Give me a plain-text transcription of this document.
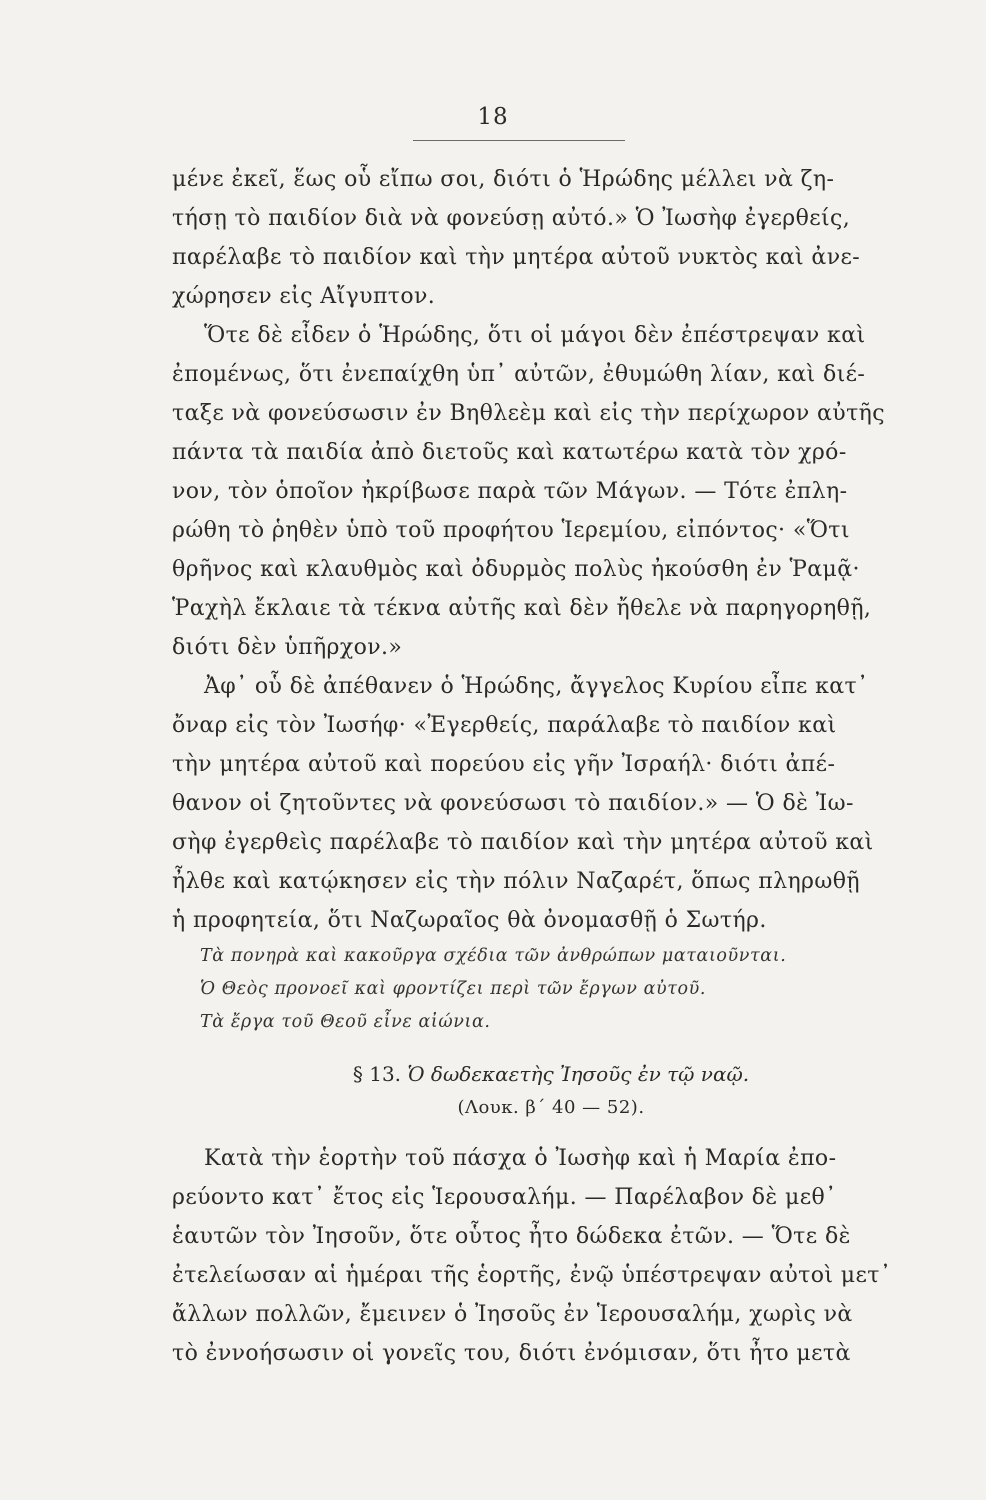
18
μένε ἐκεῖ, ἕως οὗ εἴπω σοι, διότι ὁ Ἡρώδης μέλλει νὰ ζη-
τήσῃ τὸ παιδίον διὰ νὰ φονεύσῃ αὐτό.» Ὁ Ἰωσὴφ ἐγερθείς,
παρέλαβε τὸ παιδίον καὶ τὴν μητέρα αὐτοῦ νυκτὸς καὶ ἀνε-
χώρησεν εἰς Αἴγυπτον.
Ὅτε δὲ εἶδεν ὁ Ἡρώδης, ὅτι οἱ μάγοι δὲν ἐπέστρεψαν καὶ
ἐπομένως, ὅτι ἐνεπαίχθη ὑπ᾽ αὐτῶν, ἐθυμώθη λίαν, καὶ διέ-
ταξε νὰ φονεύσωσιν ἐν Βηθλεὲμ καὶ εἰς τὴν περίχωρον αὐτῆς
πάντα τὰ παιδία ἀπὸ διετοῦς καὶ κατωτέρω κατὰ τὸν χρό-
νον, τὸν ὁποῖον ἠκρίβωσε παρὰ τῶν Μάγων. — Τότε ἐπλη-
ρώθη τὸ ῥηθὲν ὑπὸ τοῦ προφήτου Ἱερεμίου, εἰπόντος· «Ὅτι
θρῆνος καὶ κλαυθμὸς καὶ ὀδυρμὸς πολὺς ἠκούσθη ἐν Ῥαμᾷ·
Ῥαχὴλ ἔκλαιε τὰ τέκνα αὐτῆς καὶ δὲν ἤθελε νὰ παρηγορηθῇ,
διότι δὲν ὑπῆρχον.»
Ἀφ᾽ οὗ δὲ ἀπέθανεν ὁ Ἡρώδης, ἄγγελος Κυρίου εἶπε κατ᾽
ὄναρ εἰς τὸν Ἰωσήφ· «Ἐγερθείς, παράλαβε τὸ παιδίον καὶ
τὴν μητέρα αὐτοῦ καὶ πορεύου εἰς γῆν Ἰσραήλ· διότι ἀπέ-
θανον οἱ ζητοῦντες νὰ φονεύσωσι τὸ παιδίον.» — Ὁ δὲ Ἰω-
σὴφ ἐγερθεὶς παρέλαβε τὸ παιδίον καὶ τὴν μητέρα αὐτοῦ καὶ
ἦλθε καὶ κατῴκησεν εἰς τὴν πόλιν Ναζαρέτ, ὅπως πληρωθῇ
ἡ προφητεία, ὅτι Ναζωραῖος θὰ ὀνομασθῇ ὁ Σωτήρ.
Τὰ πονηρὰ καὶ κακοῦργα σχέδια τῶν ἀνθρώπων ματαιοῦνται.
Ὁ Θεὸς προνοεῖ καὶ φροντίζει περὶ τῶν ἔργων αὐτοῦ.
Τὰ ἔργα τοῦ Θεοῦ εἶνε αἰώνια.
§ 13. Ὁ δωδεκαετὴς Ἰησοῦς ἐν τῷ ναῷ.
(Λουκ. β´ 40 — 52).
Κατὰ τὴν ἑορτὴν τοῦ πάσχα ὁ Ἰωσὴφ καὶ ἡ Μαρία ἐπο-
ρεύοντο κατ᾽ ἔτος εἰς Ἱερουσαλήμ. — Παρέλαβον δὲ μεθ᾽
ἑαυτῶν τὸν Ἰησοῦν, ὅτε οὗτος ἦτο δώδεκα ἐτῶν. — Ὅτε δὲ
ἐτελείωσαν αἱ ἡμέραι τῆς ἑορτῆς, ἐνῷ ὑπέστρεψαν αὐτοὶ μετ᾽
ἄλλων πολλῶν, ἔμεινεν ὁ Ἰησοῦς ἐν Ἱερουσαλήμ, χωρὶς νὰ
τὸ ἐννοήσωσιν οἱ γονεῖς του, διότι ἐνόμισαν, ὅτι ἦτο μετὰ
